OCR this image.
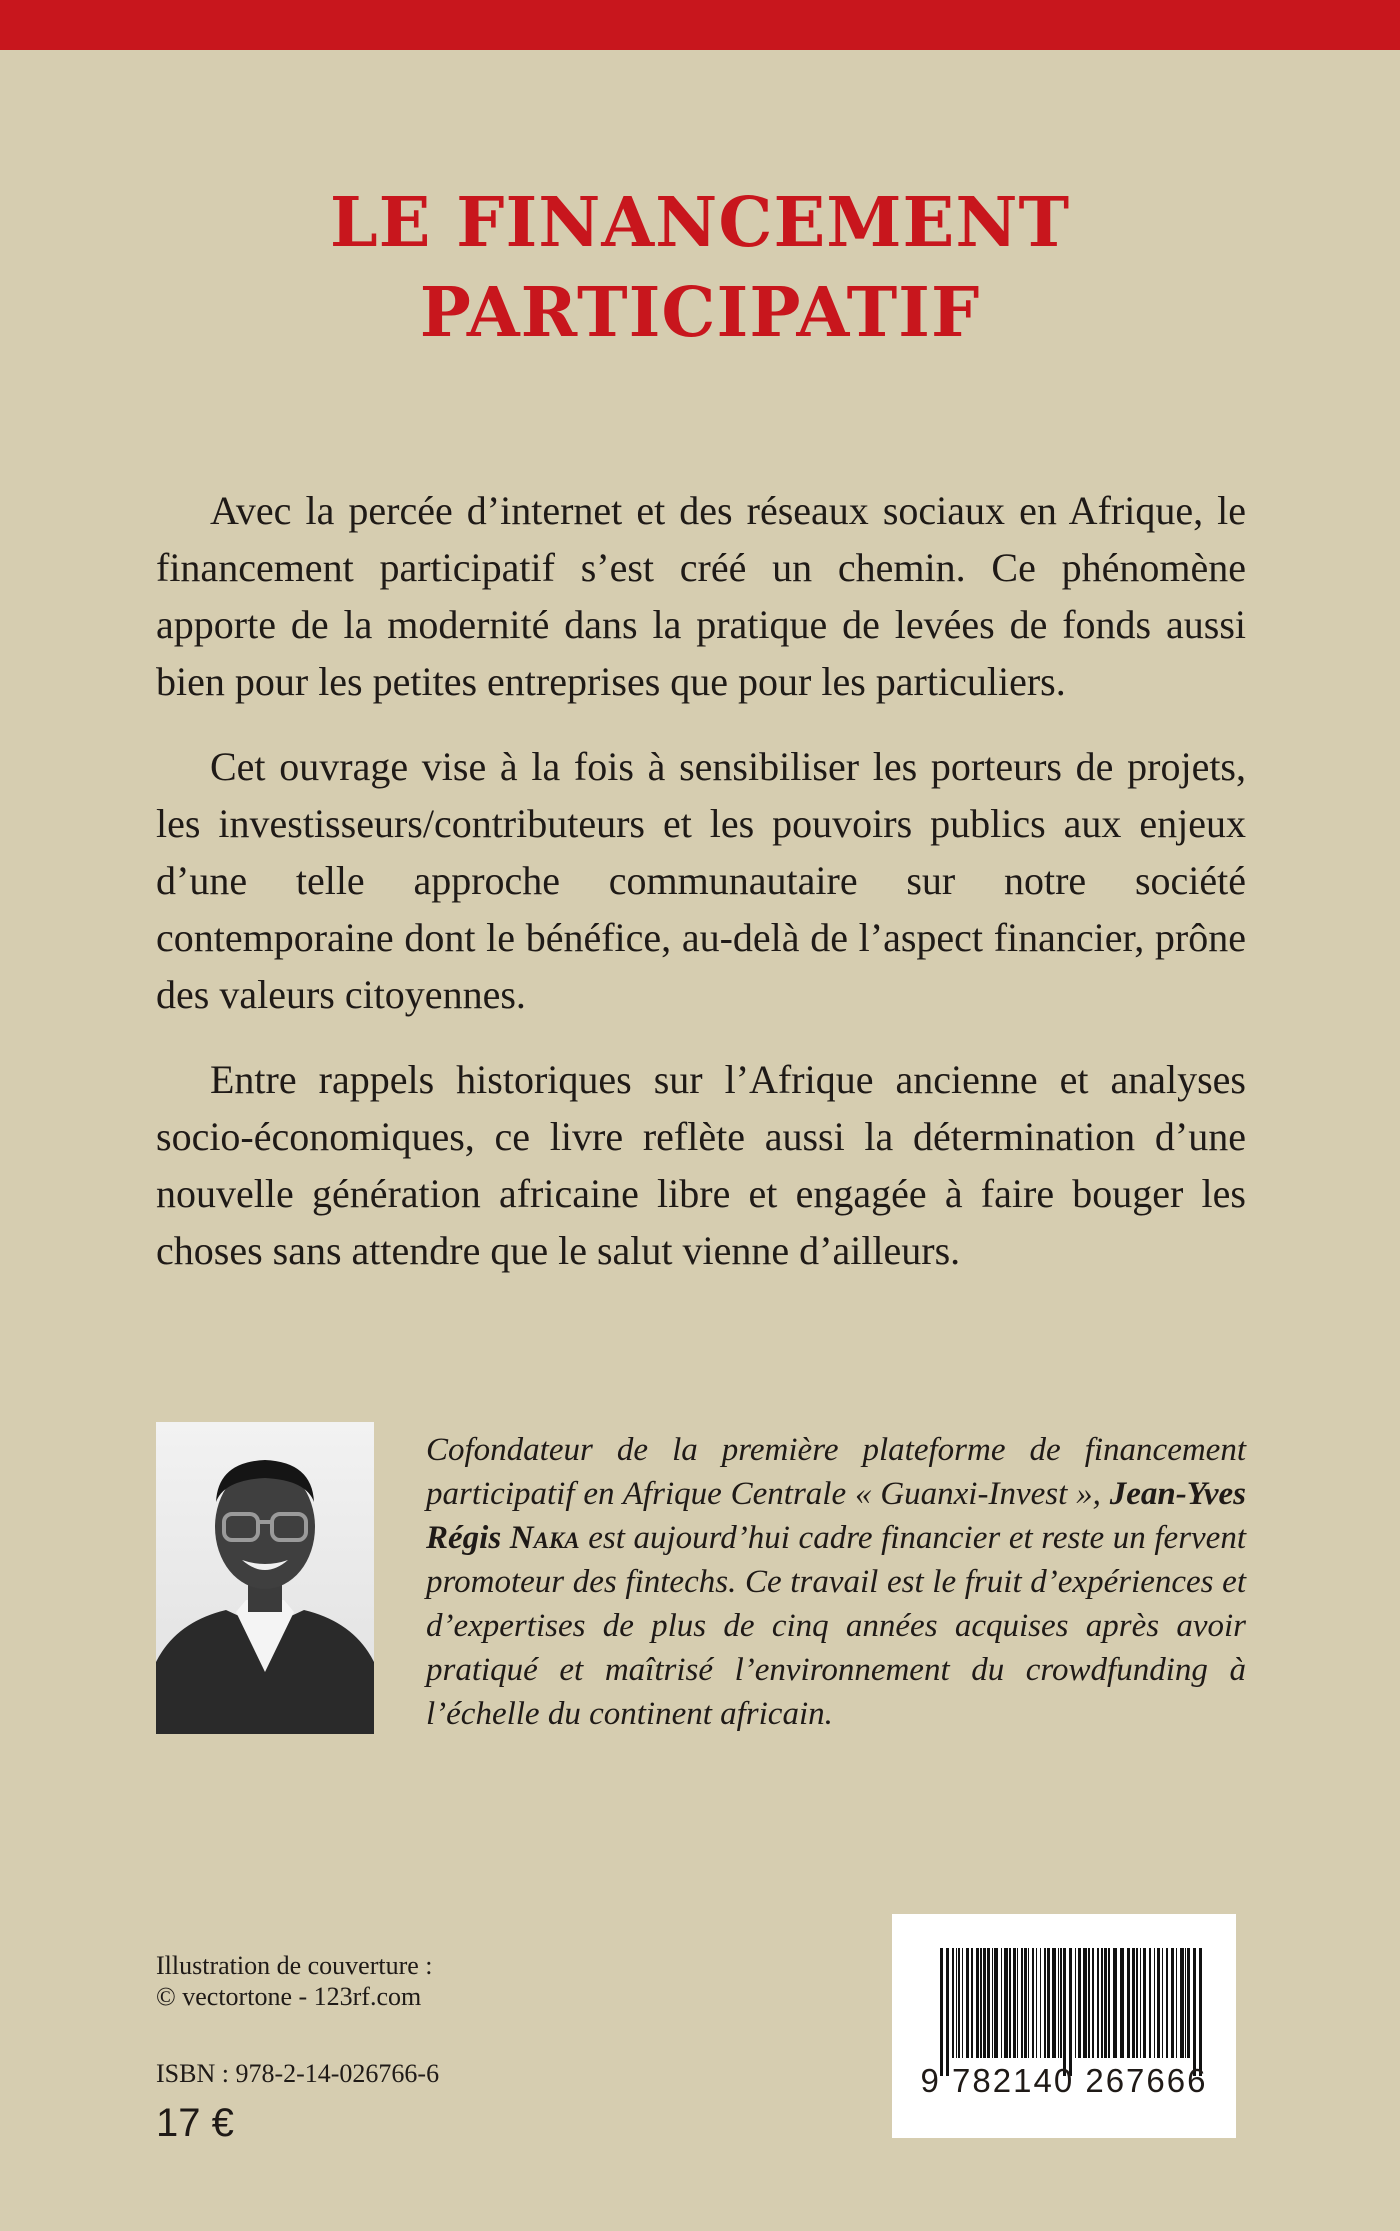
LE FINANCEMENT
PARTICIPATIF

Avec la percée d’internet et des réseaux sociaux en Afrique, le financement participatif s’est créé un chemin. Ce phénomène apporte de la modernité dans la pratique de levées de fonds aussi bien pour les petites entreprises que pour les particuliers.

Cet ouvrage vise à la fois à sensibiliser les porteurs de projets, les investisseurs/contributeurs et les pouvoirs publics aux enjeux d’une telle approche communautaire sur notre société contemporaine dont le bénéfice, au-delà de l’aspect financier, prône des valeurs citoyennes.

Entre rappels historiques sur l’Afrique ancienne et analyses socio-économiques, ce livre reflète aussi la détermination d’une nouvelle génération africaine libre et engagée à faire bouger les choses sans attendre que le salut vienne d’ailleurs.

Cofondateur de la première plateforme de financement participatif en Afrique Centrale « Guanxi-Invest », Jean-Yves Régis Naka est aujourd’hui cadre financier et reste un fervent promoteur des fintechs. Ce travail est le fruit d’expériences et d’expertises de plus de cinq années acquises après avoir pratiqué et maîtrisé l’environnement du crowdfunding à l’échelle du continent africain.

Illustration de couverture :
© vectortone - 123rf.com
ISBN : 978-2-14-026766-6
17 €
9 782140 267666
